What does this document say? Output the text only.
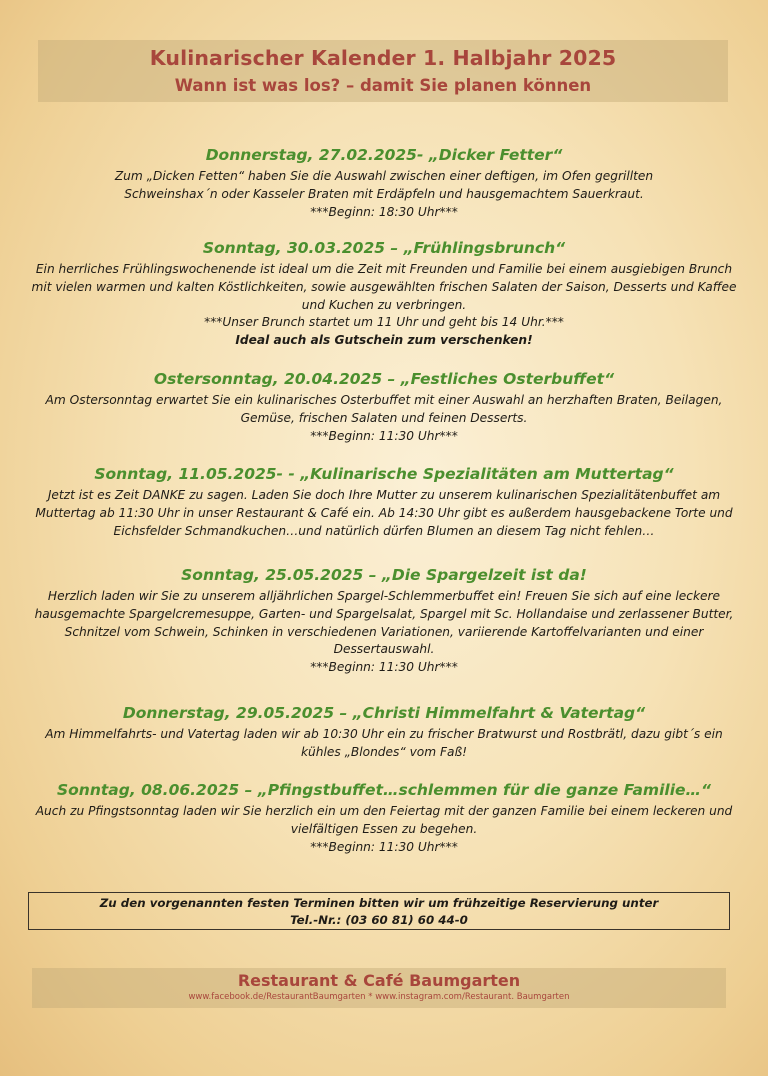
Kulinarischer Kalender 1. Halbjahr 2025
Wann ist was los? – damit Sie planen können
Donnerstag, 27.02.2025- „Dicker Fetter“

Zum „Dicken Fetten“ haben Sie die Auswahl zwischen einer deftigen, im Ofen gegrillten

Schweinshax´n oder Kasseler Braten mit Erdäpfeln und hausgemachtem Sauerkraut.

***Beginn: 18:30 Uhr***

Sonntag, 30.03.2025 – „Frühlingsbrunch“

Ein herrliches Frühlingswochenende ist ideal um die Zeit mit Freunden und Familie bei einem ausgiebigen Brunch

mit vielen warmen und kalten Köstlichkeiten, sowie ausgewählten frischen Salaten der Saison, Desserts und Kaffee

und Kuchen zu verbringen.

***Unser Brunch startet um 11 Uhr und geht bis 14 Uhr.***

Ideal auch als Gutschein zum verschenken!

Ostersonntag, 20.04.2025 – „Festliches Osterbuffet“

Am Ostersonntag erwartet Sie ein kulinarisches Osterbuffet mit einer Auswahl an herzhaften Braten, Beilagen,

Gemüse, frischen Salaten und feinen Desserts.

***Beginn: 11:30 Uhr***

Sonntag, 11.05.2025- - „Kulinarische Spezialitäten am Muttertag“

Jetzt ist es Zeit DANKE zu sagen. Laden Sie doch Ihre Mutter zu unserem kulinarischen Spezialitätenbuffet am

Muttertag ab 11:30 Uhr in unser Restaurant & Café ein. Ab 14:30 Uhr gibt es außerdem hausgebackene Torte und

Eichsfelder Schmandkuchen…und natürlich dürfen Blumen an diesem Tag nicht fehlen…

Sonntag, 25.05.2025 – „Die Spargelzeit ist da!

Herzlich laden wir Sie zu unserem alljährlichen Spargel-Schlemmerbuffet ein! Freuen Sie sich auf eine leckere

hausgemachte Spargelcremesuppe, Garten- und Spargelsalat, Spargel mit Sc. Hollandaise und zerlassener Butter,

Schnitzel vom Schwein, Schinken in verschiedenen Variationen, variierende Kartoffelvarianten und einer

Dessertauswahl.

***Beginn: 11:30 Uhr***

Donnerstag, 29.05.2025 – „Christi Himmelfahrt & Vatertag“

Am Himmelfahrts- und Vatertag laden wir ab 10:30 Uhr ein zu frischer Bratwurst und Rostbrätl, dazu gibt´s ein

kühles „Blondes“ vom Faß!

Sonntag, 08.06.2025 – „Pfingstbuffet…schlemmen für die ganze Familie…“

Auch zu Pfingstsonntag laden wir Sie herzlich ein um den Feiertag mit der ganzen Familie bei einem leckeren und

vielfältigen Essen zu begehen.

***Beginn: 11:30 Uhr***

Zu den vorgenannten festen Terminen bitten wir um frühzeitige Reservierung unter
Tel.-Nr.: (03 60 81) 60 44-0
Restaurant & Café Baumgarten
www.facebook.de/RestaurantBaumgarten * www.instagram.com/Restaurant. Baumgarten
